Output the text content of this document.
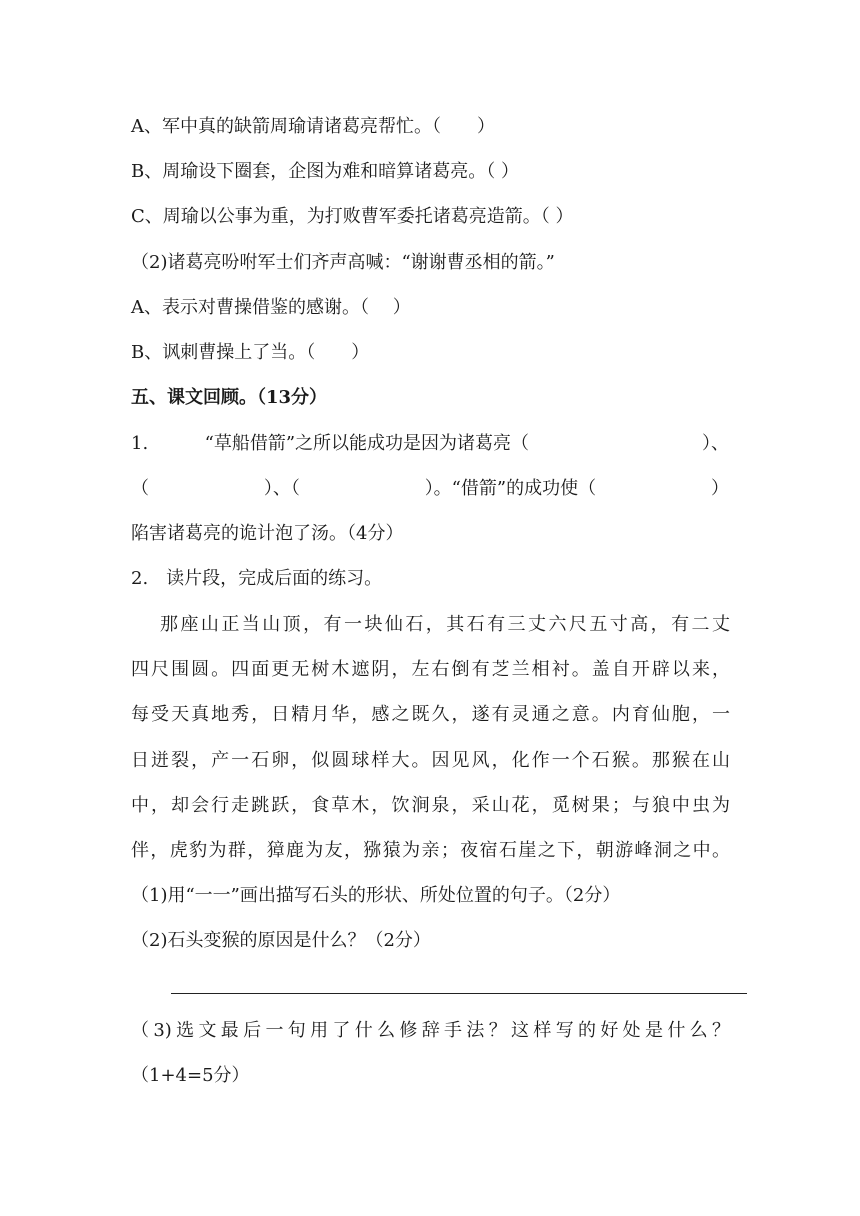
A、军中真的缺箭周瑜请诸葛亮帮忙。（　　）
B、周瑜设下圈套，企图为难和暗算诸葛亮。（ ）
C、周瑜以公事为重，为打败曹军委托诸葛亮造箭。（ ）
（2)诸葛亮吩咐军士们齐声高喊：“谢谢曹丞相的箭。”
A、表示对曹操借鉴的感谢。（　 ）
B、讽刺曹操上了当。（　　）
五、课文回顾。（13分）
1.	“草船借箭”之所以能成功是因为诸葛亮（	）、
（	）、（	）。“借箭”的成功使（	）
陷害诸葛亮的诡计泡了汤。（4分）
2.　读片段，完成后面的练习。
那座山正当山顶，有一块仙石，其石有三丈六尺五寸高，有二丈
四尺围圆。四面更无树木遮阴，左右倒有芝兰相衬。盖自开辟以来，
每受天真地秀，日精月华，感之既久，遂有灵通之意。内育仙胞，一
日迸裂，产一石卵，似圆球样大。因见风，化作一个石猴。那猴在山
中，却会行走跳跃，食草木，饮涧泉，采山花，觅树果；与狼中虫为
伴，虎豹为群，獐鹿为友，猕猿为亲；夜宿石崖之下，朝游峰洞之中。
（1)用“一一”画出描写石头的形状、所处位置的句子。（2分）
（2)石头变猴的原因是什么？（2分）
（3)选文最后一句用了什么修辞手法？这样写的好处是什么？
（1+4=5分）
